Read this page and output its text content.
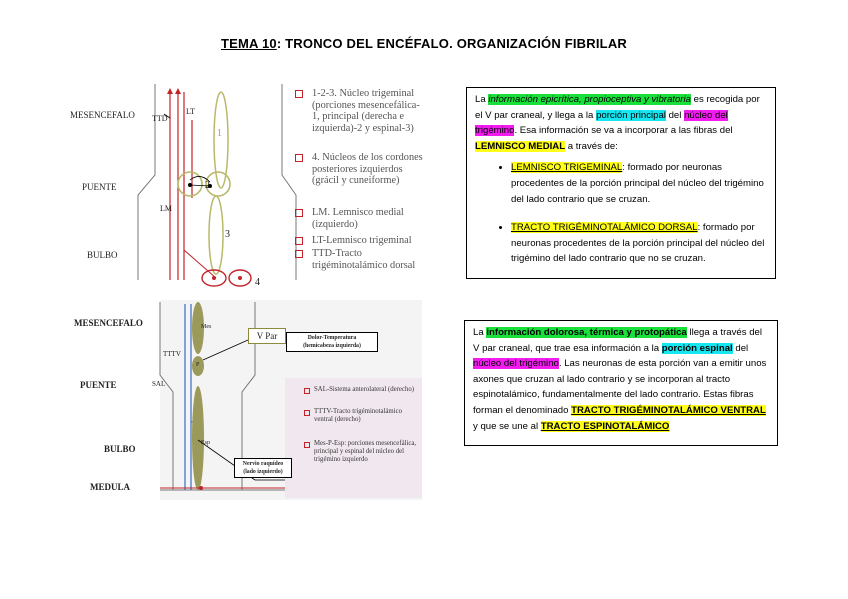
TEMA 10: TRONCO DEL ENCÉFALO. ORGANIZACIÓN FIBRILAR
MESENCEFALO
PUENTE
BULBO
TTD
LT
LM
1
2
3
4
1-2-3. Núcleo trigeminal (porciones mesencefálica-1, principal (derecha e izquierda)-2 y espinal-3)
4. Núcleos de los cordones posteriores izquierdos (grácil y cuneiforme)
LM. Lemnisco medial (izquierdo)
LT-Lemnisco trigeminal
TTD-Tracto trigéminotalámico dorsal
MESENCEFALO
PUENTE
BULBO
MEDULA
TTTV
SAL
Mes
P
Esp
V Par	Dolor-Temperatura
(hemicabeza izquierda)
Nervio raquídeo
(lado izquierdo)
SAL-Sistema anterolateral (derecho)
TTTV-Tracto trigéminotalámico ventral (derecho)
Mes-P-Esp: porciones mesencefálica, principal y espinal del núcleo del trigémino izquierdo

La información epicrítica, propioceptiva y vibratoria es recogida por el V par craneal, y llega a la porción principal del núcleo del trigémino. Esa información se va a incorporar a las fibras del LEMNISCO MEDIAL a través de:

• LEMNISCO TRIGEMINAL: formado por neuronas procedentes de la porción principal del núcleo del trigémino del lado contrario que se cruzan.
• TRACTO TRIGÉMINOTALÁMICO DORSAL: formado por neuronas procedentes de la porción principal del núcleo del trigémino del lado contrario que no se cruzan.

La información dolorosa, térmica y protopática llega a través del V par craneal, que trae esa información a la porción espinal del núcleo del trigémino. Las neuronas de esta porción van a emitir unos axones que cruzan al lado contrario y se incorporan al tracto espinotalámico, fundamentalmente del lado contrario. Estas fibras forman el denominado TRACTO TRIGÉMINOTALÁMICO VENTRAL y que se une al TRACTO ESPINOTALÁMICO
